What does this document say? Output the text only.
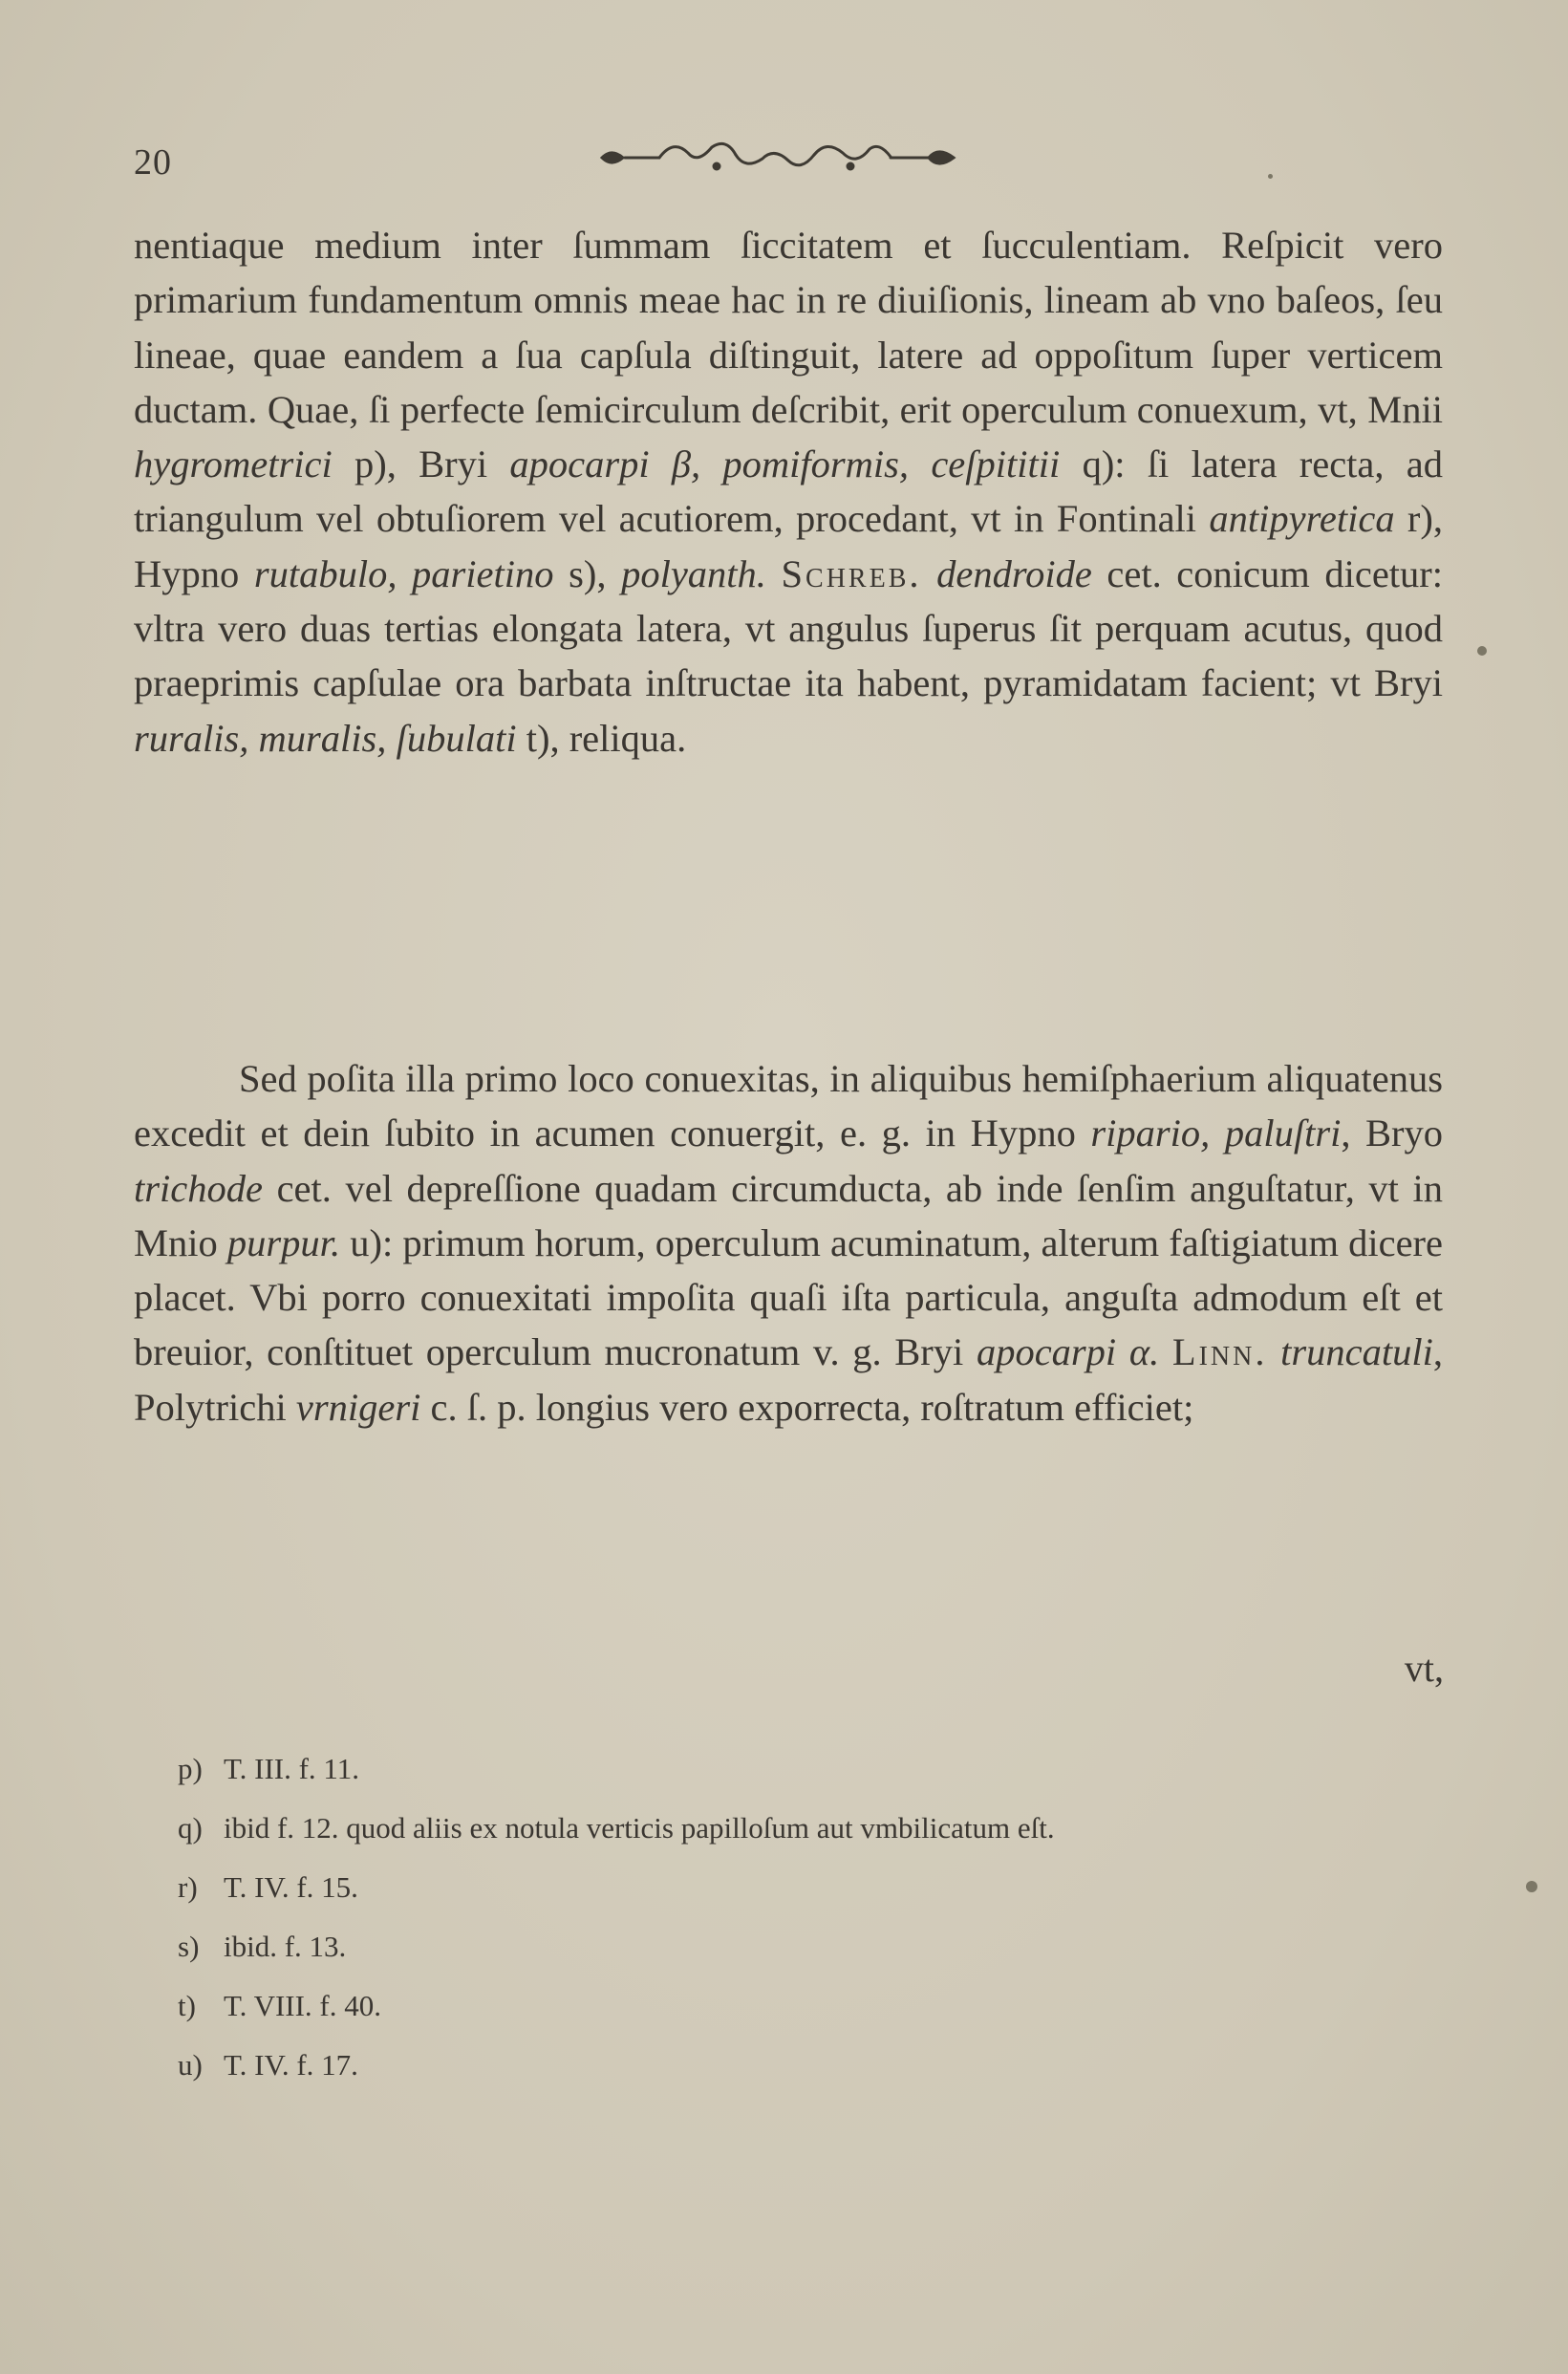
20

nentiaque medium inter ſummam ſiccitatem et ſucculentiam. Reſpicit vero primarium fundamentum omnis meae hac in re diuiſionis, lineam ab vno baſeos, ſeu lineae, quae eandem a ſua capſula diſtinguit, latere ad oppoſitum ſuper verticem ductam. Quae, ſi perfecte ſemicirculum deſcribit, erit operculum conuexum, vt, Mnii hygrometrici p), Bryi apocarpi β, pomiformis, ceſpititii q): ſi latera recta, ad triangulum vel obtuſiorem vel acutiorem, procedant, vt in Fontinali antipyretica r), Hypno rutabulo, parietino s), polyanth. Schreb. dendroide cet. conicum dicetur: vltra vero duas tertias elongata latera, vt angulus ſuperus ſit perquam acutus, quod praeprimis capſulae ora barbata inſtructae ita habent, pyramidatam facient; vt Bryi ruralis, muralis, ſubulati t), reliqua.

Sed poſita illa primo loco conuexitas, in aliquibus hemiſphaerium aliquatenus excedit et dein ſubito in acumen conuergit, e. g. in Hypno ripario, paluſtri, Bryo trichode cet. vel depreſſione quadam circumducta, ab inde ſenſim anguſtatur, vt in Mnio purpur. u): primum horum, operculum acuminatum, alterum faſtigiatum dicere placet. Vbi porro conuexitati impoſita quaſi iſta particula, anguſta admodum eſt et breuior, conſtituet operculum mucronatum v. g. Bryi apocarpi α. Linn. truncatuli, Polytrichi vrnigeri c. ſ. p. longius vero exporrecta, roſtratum efficiet;

vt,
p) T. III. f. 11.
q) ibid f. 12. quod aliis ex notula verticis papilloſum aut vmbilicatum eſt.
r) T. IV. f. 15.
s) ibid. f. 13.
t) T. VIII. f. 40.
u) T. IV. f. 17.
